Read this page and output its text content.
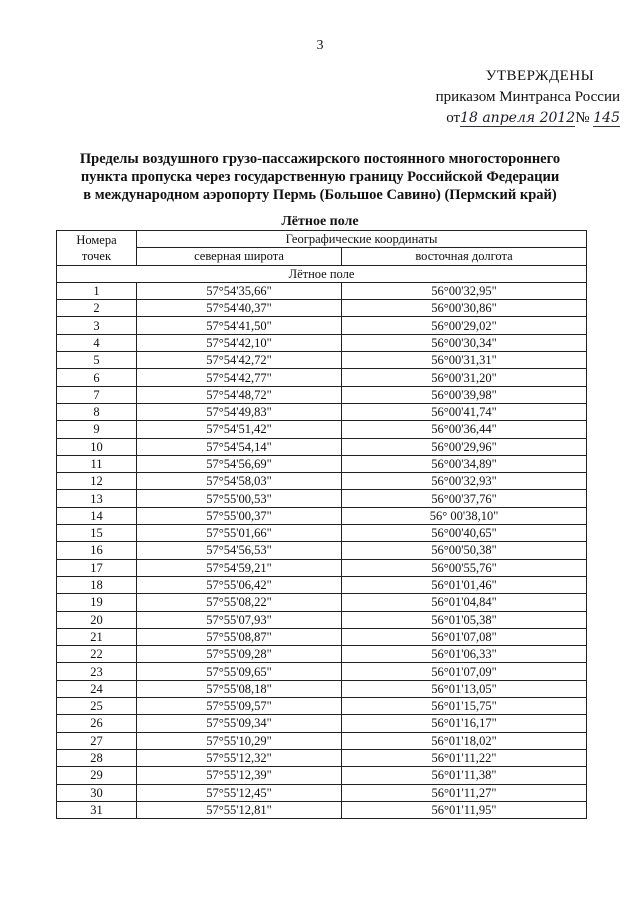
3
УТВЕРЖДЕНЫ
приказом Минтранса России
от18 апреля 2012№ 145
Пределы воздушного грузо-пассажирского постоянного многостороннего
пункта пропуска через государственную границу Российской Федерации
в международном аэропорту Пермь (Большое Савино) (Пермский край)
Лётное поле
Номера	Географические координаты	
точек	северная широта	восточная долгота
Лётное поле		
1	57°54'35,66"	56°00'32,95"
2	57°54'40,37"	56°00'30,86"
3	57°54'41,50"	56°00'29,02"
4	57°54'42,10"	56°00'30,34"
5	57°54'42,72"	56°00'31,31"
6	57°54'42,77"	56°00'31,20"
7	57°54'48,72"	56°00'39,98"
8	57°54'49,83"	56°00'41,74"
9	57°54'51,42"	56°00'36,44"
10	57°54'54,14"	56°00'29,96"
11	57°54'56,69"	56°00'34,89"
12	57°54'58,03"	56°00'32,93"
13	57°55'00,53"	56°00'37,76"
14	57°55'00,37"	56° 00'38,10"
15	57°55'01,66"	56°00'40,65"
16	57°54'56,53"	56°00'50,38"
17	57°54'59,21"	56°00'55,76"
18	57°55'06,42"	56°01'01,46"
19	57°55'08,22"	56°01'04,84"
20	57°55'07,93"	56°01'05,38"
21	57°55'08,87"	56°01'07,08"
22	57°55'09,28"	56°01'06,33"
23	57°55'09,65"	56°01'07,09"
24	57°55'08,18"	56°01'13,05"
25	57°55'09,57"	56°01'15,75"
26	57°55'09,34"	56°01'16,17"
27	57°55'10,29"	56°01'18,02"
28	57°55'12,32"	56°01'11,22"
29	57°55'12,39"	56°01'11,38"
30	57°55'12,45"	56°01'11,27"
31	57°55'12,81"	56°01'11,95"
